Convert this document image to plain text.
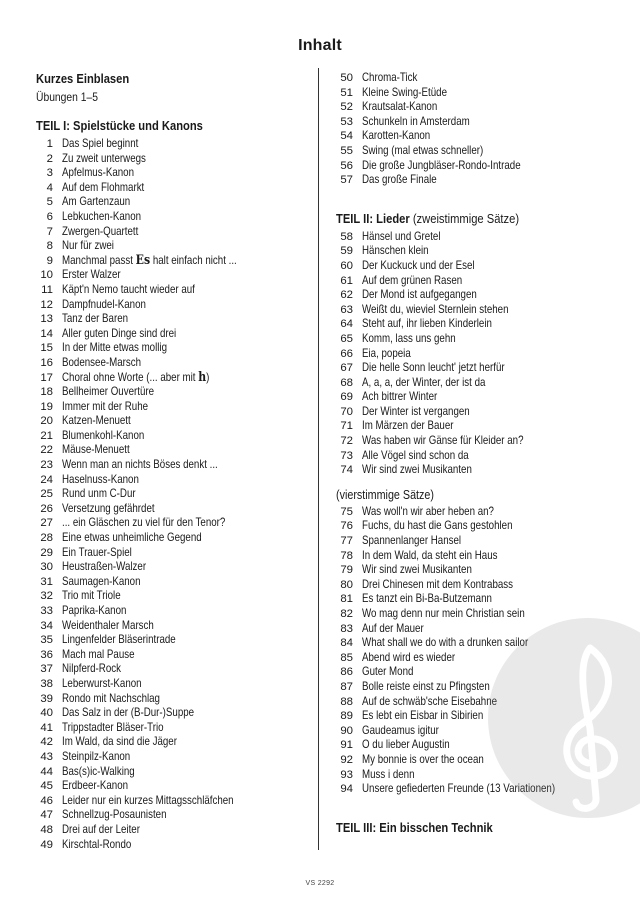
Inhalt
Kurzes Einblasen
Übungen 1–5
TEIL I: Spielstücke und Kanons
1 Das Spiel beginnt
2 Zu zweit unterwegs
3 Apfelmus-Kanon
4 Auf dem Flohmarkt
5 Am Gartenzaun
6 Lebkuchen-Kanon
7 Zwergen-Quartett
8 Nur für zwei
9 Manchmal passt Es halt einfach nicht ...
10 Erster Walzer
11 Käpt'n Nemo taucht wieder auf
12 Dampfnudel-Kanon
13 Tanz der Baren
14 Aller guten Dinge sind drei
15 In der Mitte etwas mollig
16 Bodensee-Marsch
17 Choral ohne Worte (... aber mit h)
18 Bellheimer Ouvertüre
19 Immer mit der Ruhe
20 Katzen-Menuett
21 Blumenkohl-Kanon
22 Mäuse-Menuett
23 Wenn man an nichts Böses denkt ...
24 Haselnuss-Kanon
25 Rund unm C-Dur
26 Versetzung gefährdet
27 ... ein Gläschen zu viel für den Tenor?
28 Eine etwas unheimliche Gegend
29 Ein Trauer-Spiel
30 Heustraßen-Walzer
31 Saumagen-Kanon
32 Trio mit Triole
33 Paprika-Kanon
34 Weidenthaler Marsch
35 Lingenfelder Bläserintrade
36 Mach mal Pause
37 Nilpferd-Rock
38 Leberwurst-Kanon
39 Rondo mit Nachschlag
40 Das Salz in der (B-Dur-)Suppe
41 Trippstadter Bläser-Trio
42 Im Wald, da sind die Jäger
43 Steinpilz-Kanon
44 Bas(s)ic-Walking
45 Erdbeer-Kanon
46 Leider nur ein kurzes Mittagsschläfchen
47 Schnellzug-Posaunisten
48 Drei auf der Leiter
49 Kirschtal-Rondo
50 Chroma-Tick
51 Kleine Swing-Etüde
52 Krautsalat-Kanon
53 Schunkeln in Amsterdam
54 Karotten-Kanon
55 Swing (mal etwas schneller)
56 Die große Jungbläser-Rondo-Intrade
57 Das große Finale
TEIL II: Lieder (zweistimmige Sätze)
58 Hänsel und Gretel
59 Hänschen klein
60 Der Kuckuck und der Esel
61 Auf dem grünen Rasen
62 Der Mond ist aufgegangen
63 Weißt du, wieviel Sternlein stehen
64 Steht auf, ihr lieben Kinderlein
65 Komm, lass uns gehn
66 Eia, popeia
67 Die helle Sonn leucht' jetzt herfür
68 A, a, a, der Winter, der ist da
69 Ach bittrer Winter
70 Der Winter ist vergangen
71 Im Märzen der Bauer
72 Was haben wir Gänse für Kleider an?
73 Alle Vögel sind schon da
74 Wir sind zwei Musikanten
(vierstimmige Sätze)
75 Was woll'n wir aber heben an?
76 Fuchs, du hast die Gans gestohlen
77 Spannenlanger Hansel
78 In dem Wald, da steht ein Haus
79 Wir sind zwei Musikanten
80 Drei Chinesen mit dem Kontrabass
81 Es tanzt ein Bi-Ba-Butzemann
82 Wo mag denn nur mein Christian sein
83 Auf der Mauer
84 What shall we do with a drunken sailor
85 Abend wird es wieder
86 Guter Mond
87 Bolle reiste einst zu Pfingsten
88 Auf de schwäb'sche Eisebahne
89 Es lebt ein Eisbar in Sibirien
90 Gaudeamus igitur
91 O du lieber Augustin
92 My bonnie is over the ocean
93 Muss i denn
94 Unsere gefiederten Freunde (13 Variationen)
TEIL III: Ein bisschen Technik
VS 2292
